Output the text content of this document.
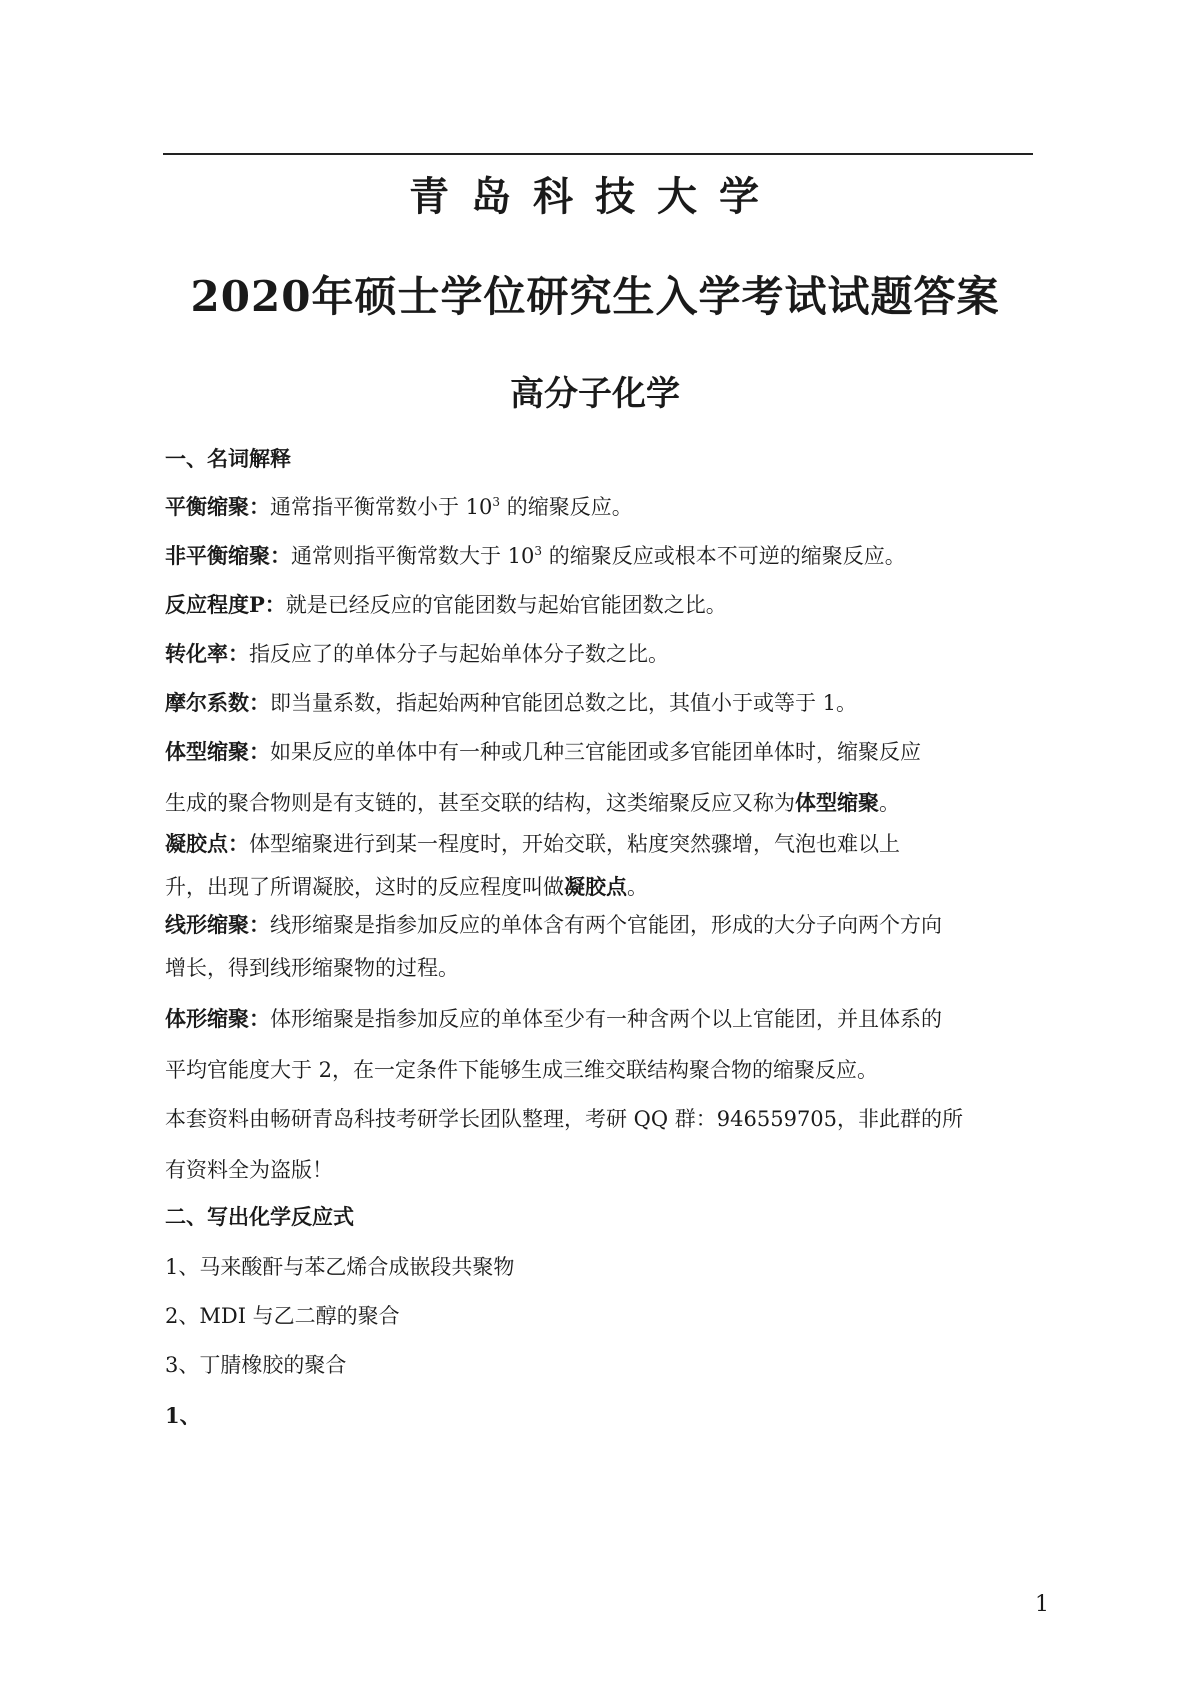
青岛科技大学
2020年硕士学位研究生入学考试试题答案
高分子化学
一、名词解释
平衡缩聚：通常指平衡常数小于 $10^3$ 的缩聚反应。
非平衡缩聚：通常则指平衡常数大于 $10^3$ 的缩聚反应或根本不可逆的缩聚反应。
反应程度P：就是已经反应的官能团数与起始官能团数之比。
转化率：指反应了的单体分子与起始单体分子数之比。
摩尔系数：即当量系数，指起始两种官能团总数之比，其值小于或等于 1。
体型缩聚：如果反应的单体中有一种或几种三官能团或多官能团单体时，缩聚反应
生成的聚合物则是有支链的，甚至交联的结构，这类缩聚反应又称为体型缩聚。
凝胶点：体型缩聚进行到某一程度时，开始交联，粘度突然骤增，气泡也难以上
升，出现了所谓凝胶，这时的反应程度叫做凝胶点。
线形缩聚：线形缩聚是指参加反应的单体含有两个官能团，形成的大分子向两个方向
增长，得到线形缩聚物的过程。
体形缩聚：体形缩聚是指参加反应的单体至少有一种含两个以上官能团，并且体系的
平均官能度大于 2，在一定条件下能够生成三维交联结构聚合物的缩聚反应。
本套资料由畅研青岛科技考研学长团队整理，考研 QQ 群：946559705，非此群的所
有资料全为盗版！
二、写出化学反应式
1、马来酸酐与苯乙烯合成嵌段共聚物
2、MDI 与乙二醇的聚合
3、丁腈橡胶的聚合
1、
1
